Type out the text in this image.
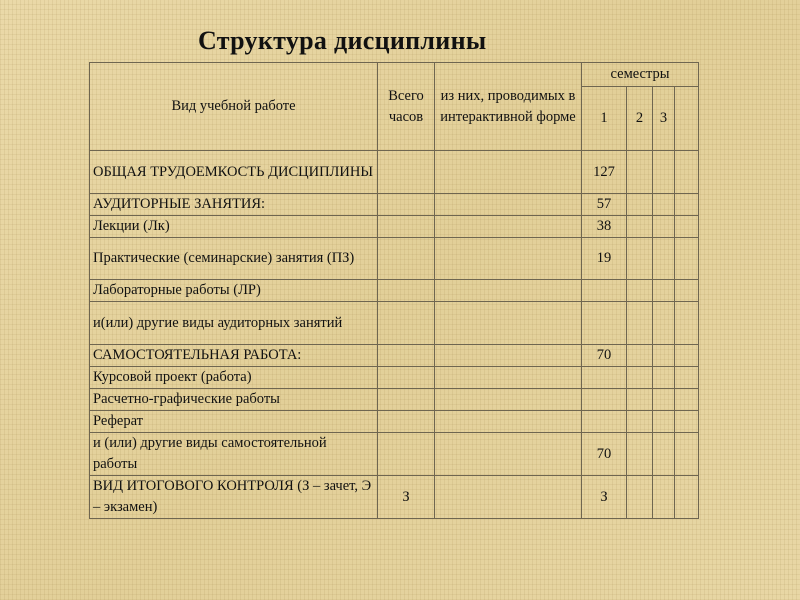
Структура дисциплины
Вид учебной работе	Всего часов	из них, проводимых в интерактивной форме	семестры			
			1	2	3	
ОБЩАЯ ТРУДОЕМКОСТЬ ДИСЦИПЛИНЫ			127			
АУДИТОРНЫЕ ЗАНЯТИЯ:			57			
Лекции (Лк)			38			
Практические (семинарские) занятия (ПЗ)			19			
Лабораторные работы (ЛР)						
и(или) другие виды аудиторных занятий						
САМОСТОЯТЕЛЬНАЯ РАБОТА:			70			
Курсовой проект (работа)						
Расчетно-графические работы						
Реферат						
и (или) другие виды самостоятельной работы			70			
ВИД ИТОГОВОГО КОНТРОЛЯ (З – зачет, Э – экзамен)	З		З			
